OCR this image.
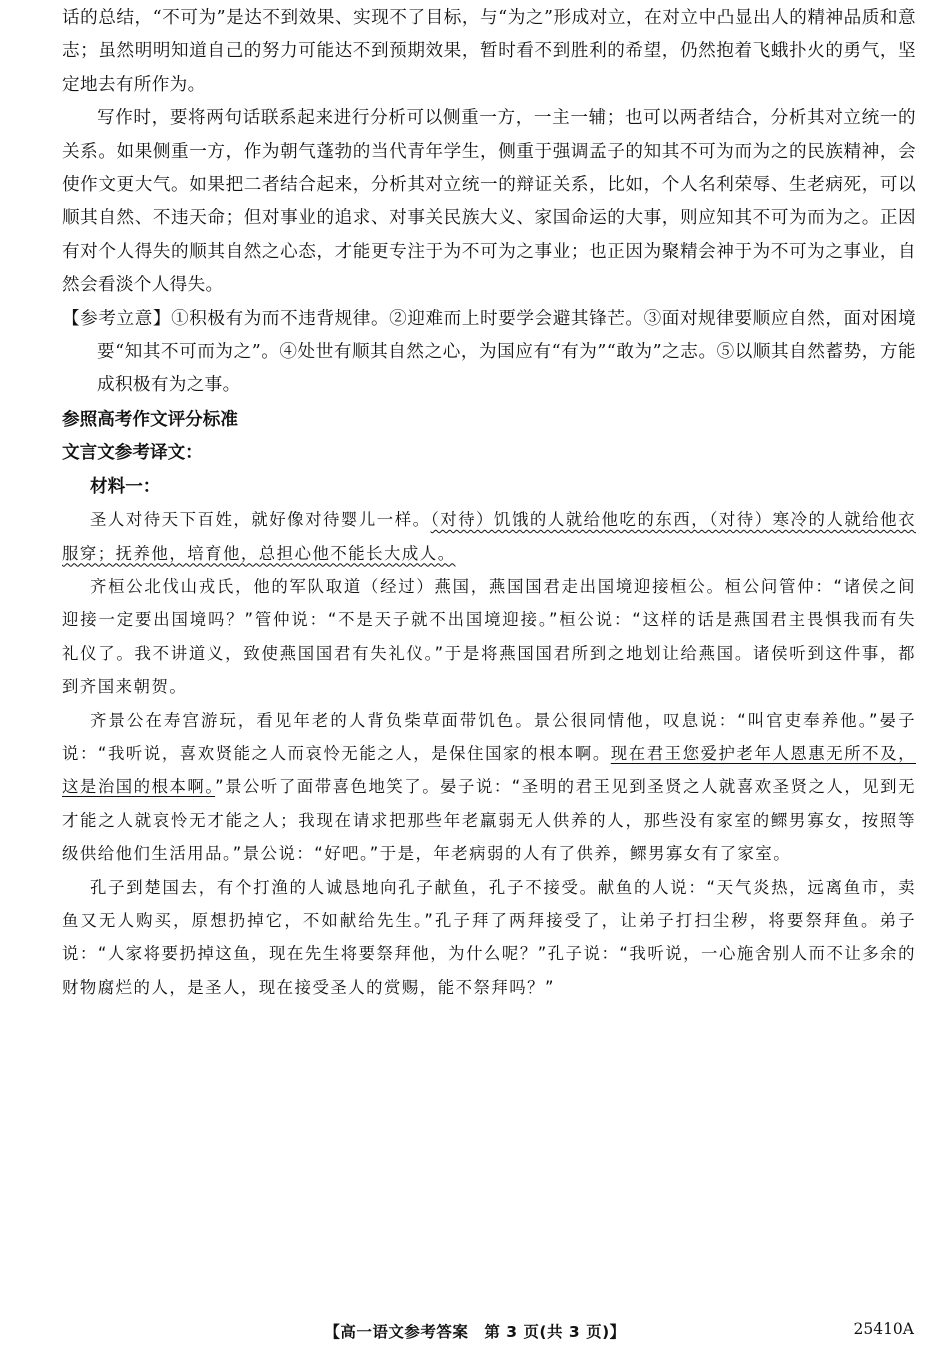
话的总结，“不可为”是达不到效果、实现不了目标，与“为之”形成对立，在对立中凸显出人的精神品质和意志；虽然明明知道自己的努力可能达不到预期效果，暂时看不到胜利的希望，仍然抱着飞蛾扑火的勇气，坚定地去有所作为。

写作时，要将两句话联系起来进行分析可以侧重一方，一主一辅；也可以两者结合，分析其对立统一的关系。如果侧重一方，作为朝气蓬勃的当代青年学生，侧重于强调孟子的知其不可为而为之的民族精神，会使作文更大气。如果把二者结合起来，分析其对立统一的辩证关系，比如，个人名利荣辱、生老病死，可以顺其自然、不违天命；但对事业的追求、对事关民族大义、家国命运的大事，则应知其不可为而为之。正因有对个人得失的顺其自然之心态，才能更专注于为不可为之事业；也正因为聚精会神于为不可为之事业，自然会看淡个人得失。

【参考立意】①积极有为而不违背规律。②迎难而上时要学会避其锋芒。③面对规律要顺应自然，面对困境要“知其不可而为之”。④处世有顺其自然之心，为国应有“有为”“敢为”之志。⑤以顺其自然蓄势，方能成积极有为之事。

参照高考作文评分标准

文言文参考译文：

材料一：

圣人对待天下百姓，就好像对待婴儿一样。（对待）饥饿的人就给他吃的东西，（对待）寒冷的人就给他衣服穿；抚养他，培育他，总担心他不能长大成人。

齐桓公北伐山戎氏，他的军队取道（经过）燕国，燕国国君走出国境迎接桓公。桓公问管仲：“诸侯之间迎接一定要出国境吗？”管仲说：“不是天子就不出国境迎接。”桓公说：“这样的话是燕国君主畏惧我而有失礼仪了。我不讲道义，致使燕国国君有失礼仪。”于是将燕国国君所到之地划让给燕国。诸侯听到这件事，都到齐国来朝贺。

齐景公在寿宫游玩，看见年老的人背负柴草面带饥色。景公很同情他，叹息说：“叫官吏奉养他。”晏子说：“我听说，喜欢贤能之人而哀怜无能之人，是保住国家的根本啊。现在君王您爱护老年人恩惠无所不及，这是治国的根本啊。”景公听了面带喜色地笑了。晏子说：“圣明的君王见到圣贤之人就喜欢圣贤之人，见到无才能之人就哀怜无才能之人；我现在请求把那些年老羸弱无人供养的人，那些没有家室的鳏男寡女，按照等级供给他们生活用品。”景公说：“好吧。”于是，年老病弱的人有了供养，鳏男寡女有了家室。

孔子到楚国去，有个打渔的人诚恳地向孔子献鱼，孔子不接受。献鱼的人说：“天气炎热，远离鱼市，卖鱼又无人购买，原想扔掉它，不如献给先生。”孔子拜了两拜接受了，让弟子打扫尘秽，将要祭拜鱼。弟子说：“人家将要扔掉这鱼，现在先生将要祭拜他，为什么呢？”孔子说：“我听说，一心施舍别人而不让多余的财物腐烂的人，是圣人，现在接受圣人的赏赐，能不祭拜吗？”

【高一语文参考答案　第 3 页(共 3 页)】	25410A
